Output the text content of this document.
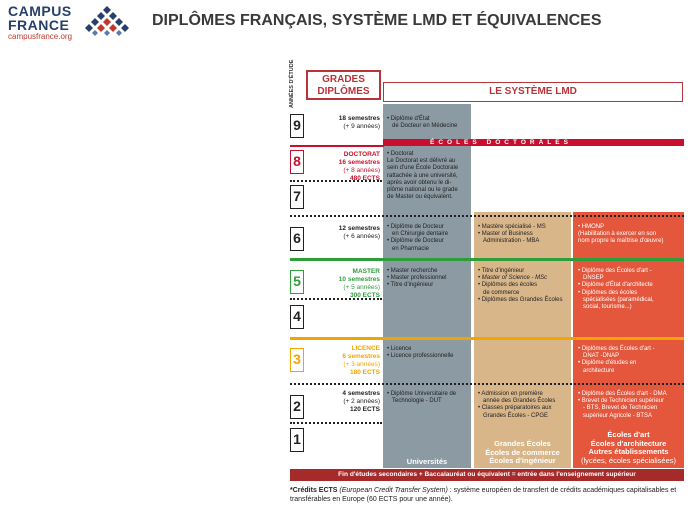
CAMPUS
FRANCE
campusfrance.org
DIPLÔMES FRANÇAIS, SYSTÈME LMD ET ÉQUIVALENCES
ANNÉES D'ÉTUDE	GRADES
DIPLÔMES	LE SYSTÈME LMD
ÉCOLES DOCTORALES
9
8
7
6
5
4
3
2
1
18 semestres
(+ 9 années)
DOCTORAT
16 semestres
(+ 8 années)
480 ECTS
12 semestres
(+ 6 années)
MASTER
10 semestres
(+ 5 années)
300 ECTS
LICENCE
6 semestres
(+ 3 années)
180 ECTS
4 semestres
(+ 2 années)
120 ECTS
• Diplôme d'État
de Docteur en Médecine
• Doctorat
Le Doctorat est délivré au
sein d'une École Doctorale
rattachée à une université,
après avoir obtenu le di-
plôme national ou le grade
de Master ou équivalent.
• Diplôme de Docteur
en Chirurgie dentaire
• Diplôme de Docteur
en Pharmacie
• Master recherche
• Master professionnel
• Titre d'ingénieur
• Licence
• Licence professionnelle
• Diplôme Universitaire de
Technologie - DUT
Universités
• Mastère spécialisé - MS
• Master of Business
Administration - MBA
• Titre d'ingénieur
• Master of Science - MSc
• Diplômes des écoles
de commerce
• Diplômes des Grandes Écoles
• Admission en première
année des Grandes Écoles
• Classes préparatoires aux
Grandes Écoles - CPGE
Grandes Écoles
Écoles de commerce
Écoles d'ingénieur
• HMONP
(Habilitation à exercer en son
nom propre la maîtrise d'œuvre)
• Diplôme des Écoles d'art -
DNSEP
• Diplôme d'État d'architecte
• Diplômes des écoles
spécialisées (paramédical,
social, tourisme...)
• Diplômes des Écoles d'art -
DNAT -DNAP
• Diplôme d'études en
architecture
• Diplôme des Écoles d'art - DMA
• Brevet de Technicien supérieur
- BTS, Brevet de Technicien
supérieur Agricole - BTSA
Écoles d'art
Écoles d'architecture
Autres établissements
(lycées, écoles spécialisées)
Fin d'études secondaires + Baccalauréat ou équivalent = entrée dans l'enseignement supérieur
*Crédits ECTS (European Credit Transfer System) : système européen de transfert de crédits académiques capitalisables et transférables en Europe (60 ECTS pour une année).
